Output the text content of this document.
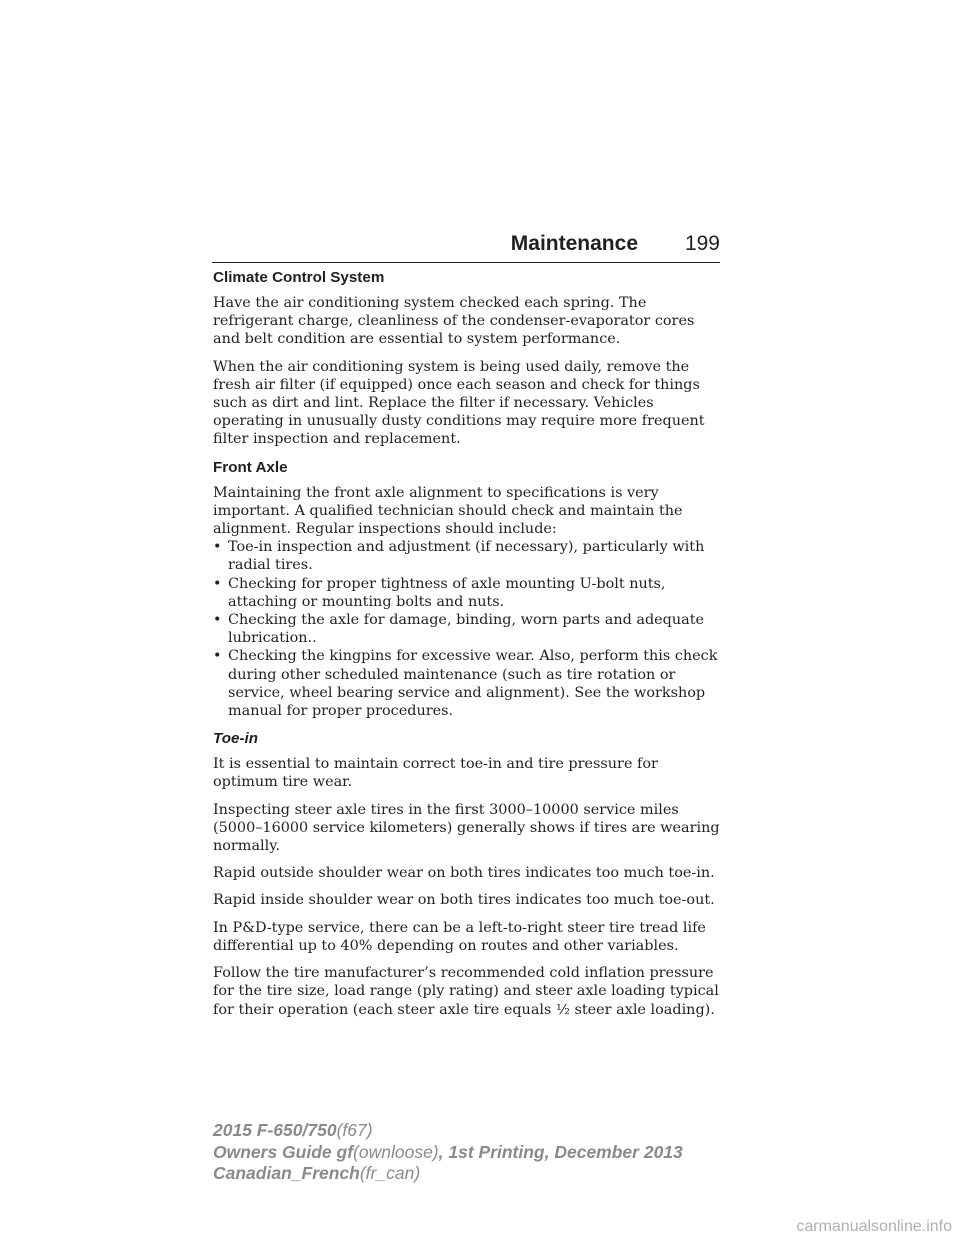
Maintenance 199
Climate Control System

Have the air conditioning system checked each spring. The refrigerant charge, cleanliness of the condenser-evaporator cores and belt condition are essential to system performance.

When the air conditioning system is being used daily, remove the fresh air filter (if equipped) once each season and check for things such as dirt and lint. Replace the filter if necessary. Vehicles operating in unusually dusty conditions may require more frequent filter inspection and replacement.

Front Axle

Maintaining the front axle alignment to specifications is very important. A qualified technician should check and maintain the alignment. Regular inspections should include:

• Toe-in inspection and adjustment (if necessary), particularly with radial tires.
• Checking for proper tightness of axle mounting U-bolt nuts, attaching or mounting bolts and nuts.
• Checking the axle for damage, binding, worn parts and adequate lubrication..
• Checking the kingpins for excessive wear. Also, perform this check during other scheduled maintenance (such as tire rotation or service, wheel bearing service and alignment). See the workshop manual for proper procedures.
Toe-in

It is essential to maintain correct toe-in and tire pressure for optimum tire wear.

Inspecting steer axle tires in the first 3000–10000 service miles (5000–16000 service kilometers) generally shows if tires are wearing normally.

Rapid outside shoulder wear on both tires indicates too much toe-in.

Rapid inside shoulder wear on both tires indicates too much toe-out.

In P&D-type service, there can be a left-to-right steer tire tread life differential up to 40% depending on routes and other variables.

Follow the tire manufacturer’s recommended cold inflation pressure for the tire size, load range (ply rating) and steer axle loading typical for their operation (each steer axle tire equals ½ steer axle loading).

2015 F-650/750(f67)
Owners Guide gf(ownloose), 1st Printing, December 2013
Canadian_French(fr_can)
carmanualsonline.info
